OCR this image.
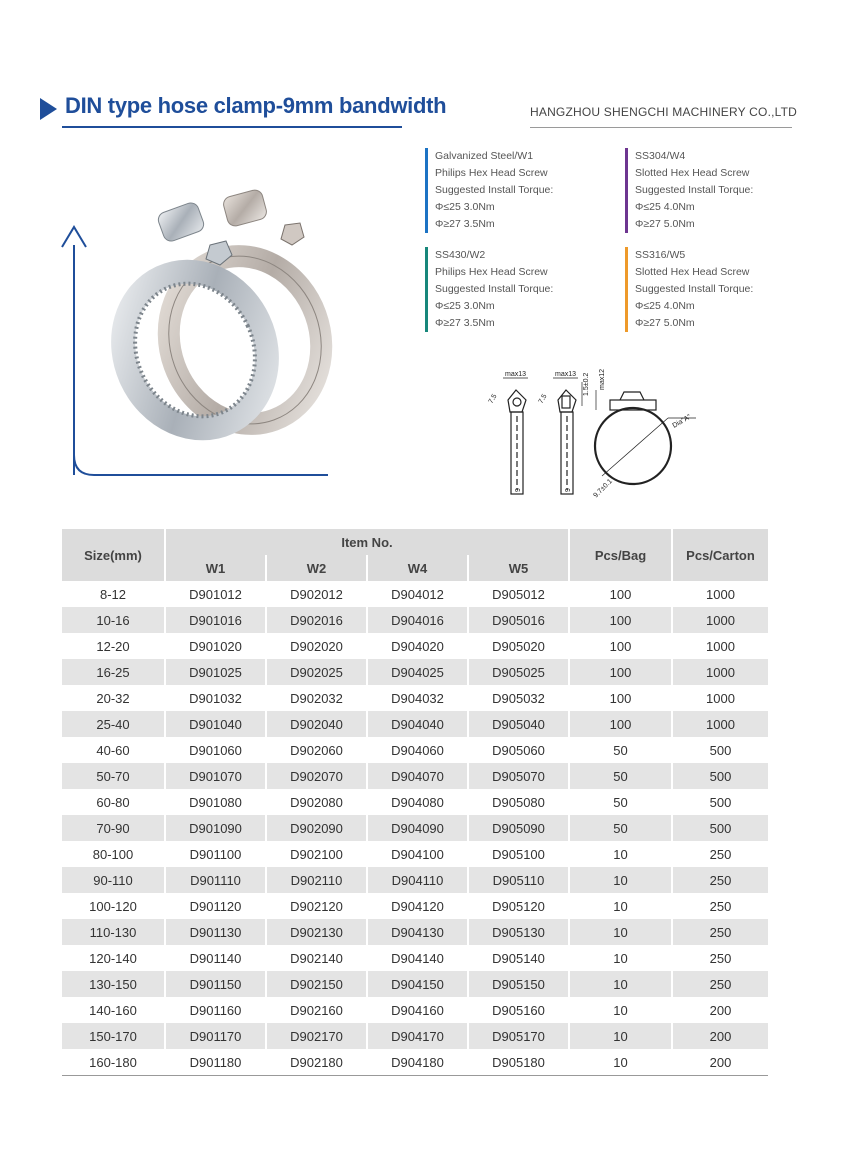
DIN type hose clamp-9mm bandwidth	HANGZHOU SHENGCHI MACHINERY CO.,LTD
Galvanized Steel/W1
Philips Hex Head Screw
Suggested Install Torque:
Φ≤25 3.0Nm
Φ≥27 3.5Nm
SS304/W4
Slotted Hex Head Screw
Suggested Install Torque:
Φ≤25 4.0Nm
Φ≥27 5.0Nm
SS430/W2
Philips Hex Head Screw
Suggested Install Torque:
Φ≤25 3.0Nm
Φ≥27 3.5Nm
SS316/W5
Slotted Hex Head Screw
Suggested Install Torque:
Φ≤25 4.0Nm
Φ≥27 5.0Nm
max13	max13 1.5±0.2 max12
Dia"A"
9.7±0.1
9	9
7.5	7.5
Size(mm)	Item No.				Pcs/Bag	Pcs/Carton
	W1	W2	W4	W5		
8-12	D901012	D902012	D904012	D905012	100	1000
10-16	D901016	D902016	D904016	D905016	100	1000
12-20	D901020	D902020	D904020	D905020	100	1000
16-25	D901025	D902025	D904025	D905025	100	1000
20-32	D901032	D902032	D904032	D905032	100	1000
25-40	D901040	D902040	D904040	D905040	100	1000
40-60	D901060	D902060	D904060	D905060	50	500
50-70	D901070	D902070	D904070	D905070	50	500
60-80	D901080	D902080	D904080	D905080	50	500
70-90	D901090	D902090	D904090	D905090	50	500
80-100	D901100	D902100	D904100	D905100	10	250
90-110	D901110	D902110	D904110	D905110	10	250
100-120	D901120	D902120	D904120	D905120	10	250
110-130	D901130	D902130	D904130	D905130	10	250
120-140	D901140	D902140	D904140	D905140	10	250
130-150	D901150	D902150	D904150	D905150	10	250
140-160	D901160	D902160	D904160	D905160	10	200
150-170	D901170	D902170	D904170	D905170	10	200
160-180	D901180	D902180	D904180	D905180	10	200
